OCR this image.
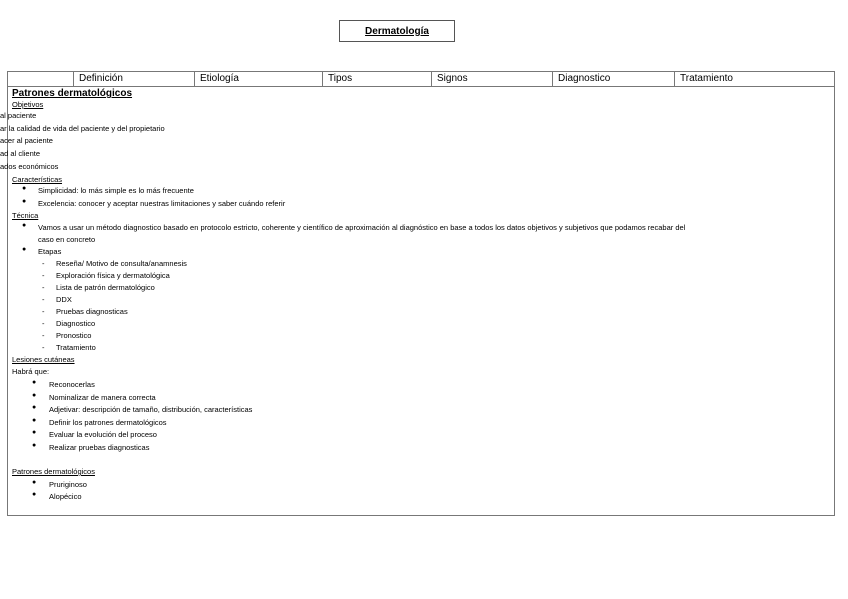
Dermatología
Definición	Etiología	Tipos	Signos	Diagnostico	Tratamiento
Patrones dermatológicos
Objetivos
al paciente
ar la calidad de vida del paciente y del propietario
acer al paciente
ad al cliente
ados económicos
Características
● Simplicidad: lo más simple es lo más frecuente
● Excelencia: conocer y aceptar nuestras limitaciones y saber cuándo referir
Técnica
● Vamos a usar un método diagnostico basado en protocolo estricto, coherente y científico de aproximación al diagnóstico en base a todos los datos objetivos y subjetivos que podamos recabar del
caso en concreto
● Etapas
- Reseña/ Motivo de consulta/anamnesis
- Exploración física y dermatológica
- Lista de patrón dermatológico
- DDX
- Pruebas diagnosticas
- Diagnostico
- Pronostico
- Tratamiento
Lesiones cutáneas
Habrá que:
● Reconocerlas
● Nominalizar de manera correcta
● Adjetivar: descripción de tamaño, distribución, características
● Definir los patrones dermatológicos
● Evaluar la evolución del proceso
● Realizar pruebas diagnosticas
Patrones dermatológicos
● Pruriginoso
● Alopécico
